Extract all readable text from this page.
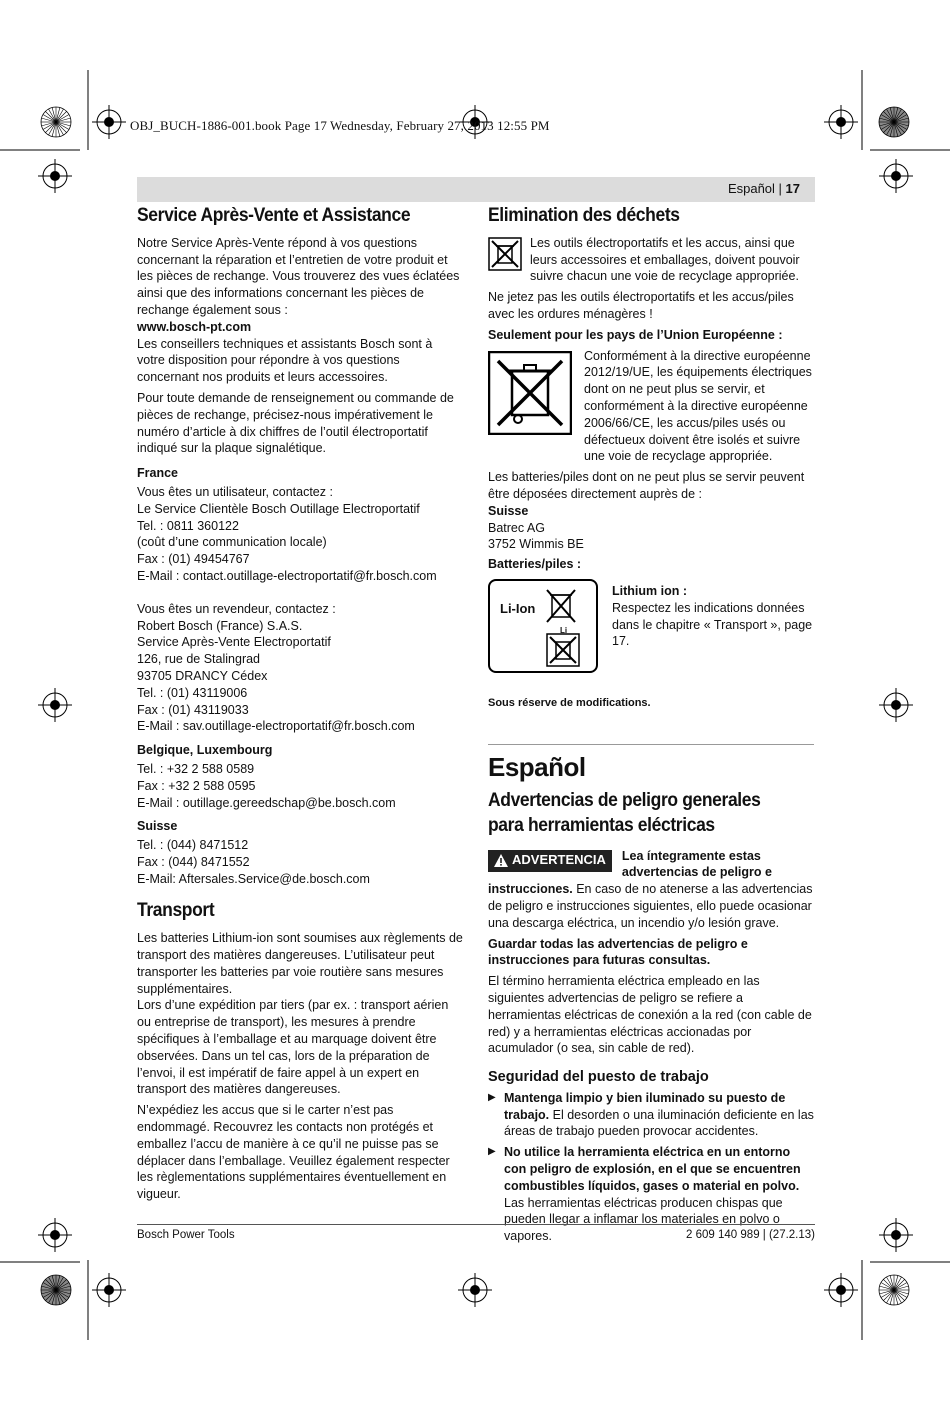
OBJ_BUCH-1886-001.book Page 17 Wednesday, February 27, 2013 12:55 PM
Español | 17
Service Après-Vente et Assistance

Notre Service Après-Vente répond à vos questions concernant la réparation et l’entretien de votre produit et les pièces de rechange. Vous trouverez des vues éclatées ainsi que des informations concernant les pièces de rechange également sous :

www.bosch-pt.com

Les conseillers techniques et assistants Bosch sont à votre disposition pour répondre à vos questions concernant nos produits et leurs accessoires.

Pour toute demande de renseignement ou commande de pièces de rechange, précisez-nous impérativement le numéro d’article à dix chiffres de l’outil électroportatif indiqué sur la plaque signalétique.

France

Vous êtes un utilisateur, contactez :
Le Service Clientèle Bosch Outillage Electroportatif
Tel. : 0811 360122
(coût d’une communication locale)
Fax : (01) 49454767
E-Mail : contact.outillage-electroportatif@fr.bosch.com
Vous êtes un revendeur, contactez :
Robert Bosch (France) S.A.S.
Service Après-Vente Electroportatif
126, rue de Stalingrad
93705 DRANCY Cédex
Tel. : (01) 43119006
Fax : (01) 43119033
E-Mail : sav.outillage-electroportatif@fr.bosch.com

Belgique, Luxembourg

Tel. : +32 2 588 0589
Fax : +32 2 588 0595
E-Mail : outillage.gereedschap@be.bosch.com

Suisse

Tel. : (044) 8471512
Fax : (044) 8471552
E-Mail: Aftersales.Service@de.bosch.com
Transport

Les batteries Lithium-ion sont soumises aux règlements de transport des matières dangereuses. L’utilisateur peut transporter les batteries par voie routière sans mesures supplémentaires.

Lors d’une expédition par tiers (par ex. : transport aérien ou entreprise de transport), les mesures à prendre spécifiques à l’emballage et au marquage doivent être observées. Dans un tel cas, lors de la préparation de l’envoi, il est impératif de faire appel à un expert en transport des matières dangereuses.

N’expédiez les accus que si le carter n’est pas endommagé. Recouvrez les contacts non protégés et emballez l’accu de manière à ce qu’il ne puisse pas se déplacer dans l’emballage. Veuillez également respecter les règlementations supplémentaires éventuellement en vigueur.

Elimination des déchets

Les outils électroportatifs et les accus, ainsi que leurs accessoires et emballages, doivent pouvoir suivre chacun une voie de recyclage appropriée.

Ne jetez pas les outils électroportatifs et les accus/piles avec les ordures ménagères !

Seulement pour les pays de l’Union Européenne :

Conformément à la directive européenne 2012/19/UE, les équipements électriques dont on ne peut plus se servir, et conformément à la directive européenne 2006/66/CE, les accus/piles usés ou défectueux doivent être isolés et suivre une voie de recyclage appropriée.

Les batteries/piles dont on ne peut plus se servir peuvent être déposées directement auprès de :

Suisse

Batrec AG
3752 Wimmis BE

Batteries/piles :

Li-Ion
Li
Lithium ion :
Respectez les indications données dans le chapitre « Transport », page 17.

Sous réserve de modifications.

Español
Advertencias de peligro generales para herramientas eléctricas
ADVERTENCIA Lea íntegramente estas advertencias de peligro e instrucciones. En caso de no atenerse a las advertencias de peligro e instrucciones siguientes, ello puede ocasionar una descarga eléctrica, un incendio y/o lesión grave.

Guardar todas las advertencias de peligro e instrucciones para futuras consultas.

El término herramienta eléctrica empleado en las siguientes advertencias de peligro se refiere a herramientas eléctricas de conexión a la red (con cable de red) y a herramientas eléctricas accionadas por acumulador (o sea, sin cable de red).

Seguridad del puesto de trabajo
▶ Mantenga limpio y bien iluminado su puesto de trabajo. El desorden o una iluminación deficiente en las áreas de trabajo pueden provocar accidentes.
▶ No utilice la herramienta eléctrica en un entorno con peligro de explosión, en el que se encuentren combustibles líquidos, gases o material en polvo. Las herramientas eléctricas producen chispas que pueden llegar a inflamar los materiales en polvo o vapores.
Bosch Power Tools	2 609 140 989 | (27.2.13)
